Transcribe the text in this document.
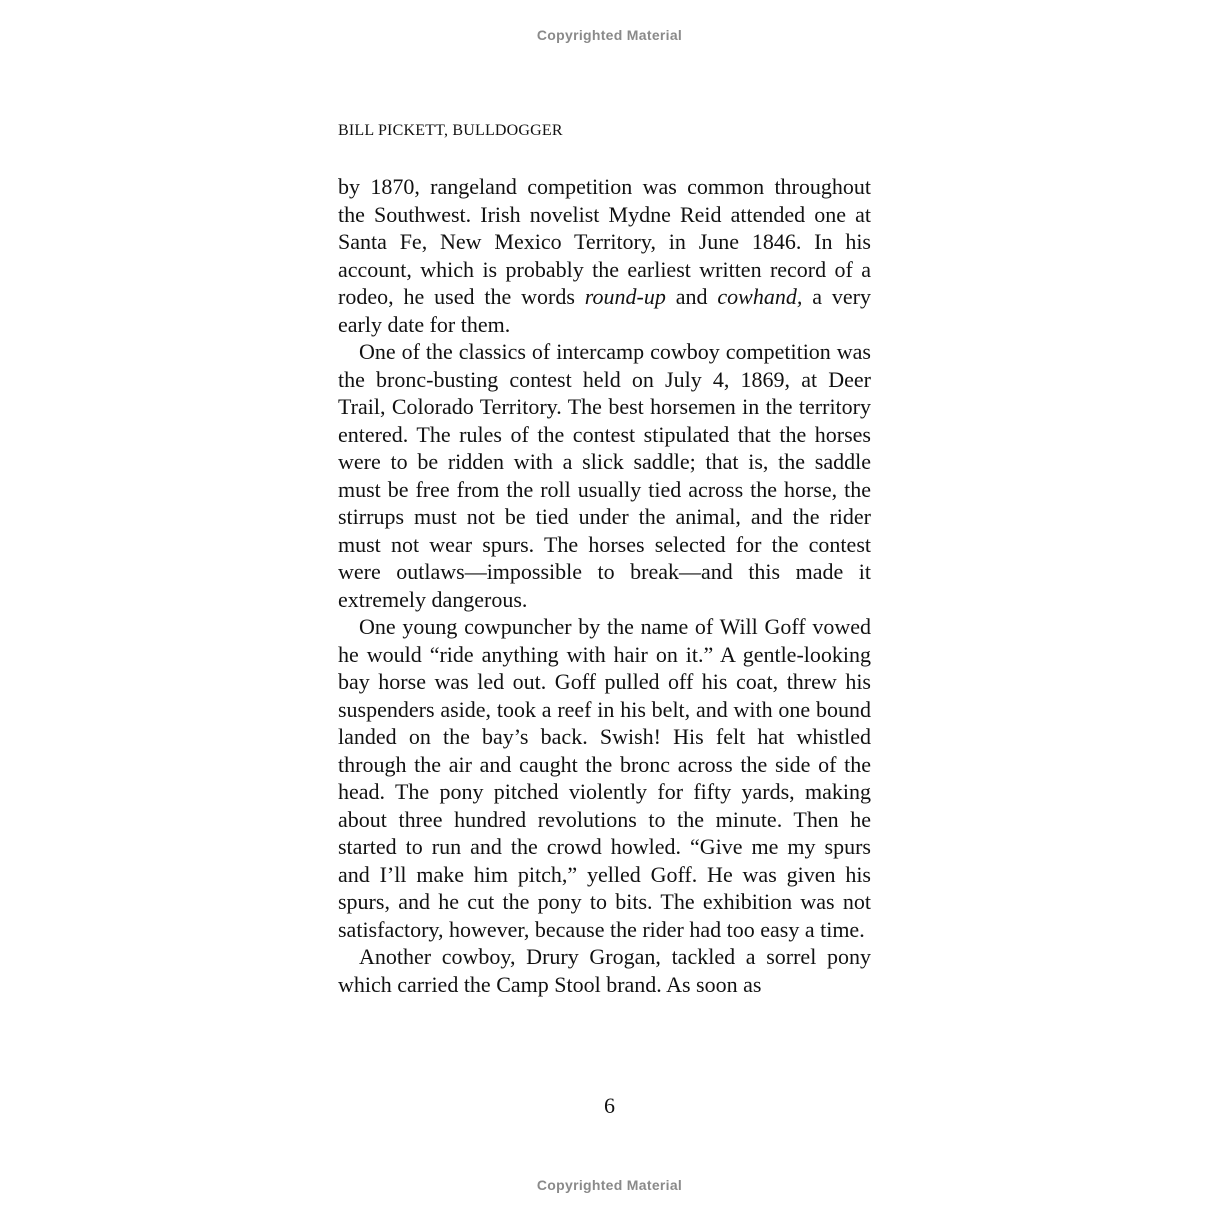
Copyrighted Material
BILL PICKETT, BULLDOGGER

by 1870, rangeland competition was common throughout the Southwest. Irish novelist Mydne Reid attended one at Santa Fe, New Mexico Territory, in June 1846. In his account, which is probably the earliest written record of a rodeo, he used the words round-up and cowhand, a very early date for them.

One of the classics of intercamp cowboy competition was the bronc-busting contest held on July 4, 1869, at Deer Trail, Colorado Territory. The best horsemen in the territory entered. The rules of the contest stipulated that the horses were to be ridden with a slick saddle; that is, the saddle must be free from the roll usually tied across the horse, the stirrups must not be tied under the animal, and the rider must not wear spurs. The horses selected for the contest were outlaws—impossible to break—and this made it extremely dangerous.

One young cowpuncher by the name of Will Goff vowed he would “ride anything with hair on it.” A gentle-looking bay horse was led out. Goff pulled off his coat, threw his suspenders aside, took a reef in his belt, and with one bound landed on the bay’s back. Swish! His felt hat whistled through the air and caught the bronc across the side of the head. The pony pitched violently for fifty yards, making about three hundred revolutions to the minute. Then he started to run and the crowd howled. “Give me my spurs and I’ll make him pitch,” yelled Goff. He was given his spurs, and he cut the pony to bits. The exhibition was not satisfactory, however, because the rider had too easy a time.

Another cowboy, Drury Grogan, tackled a sorrel pony which carried the Camp Stool brand. As soon as

6
Copyrighted Material
